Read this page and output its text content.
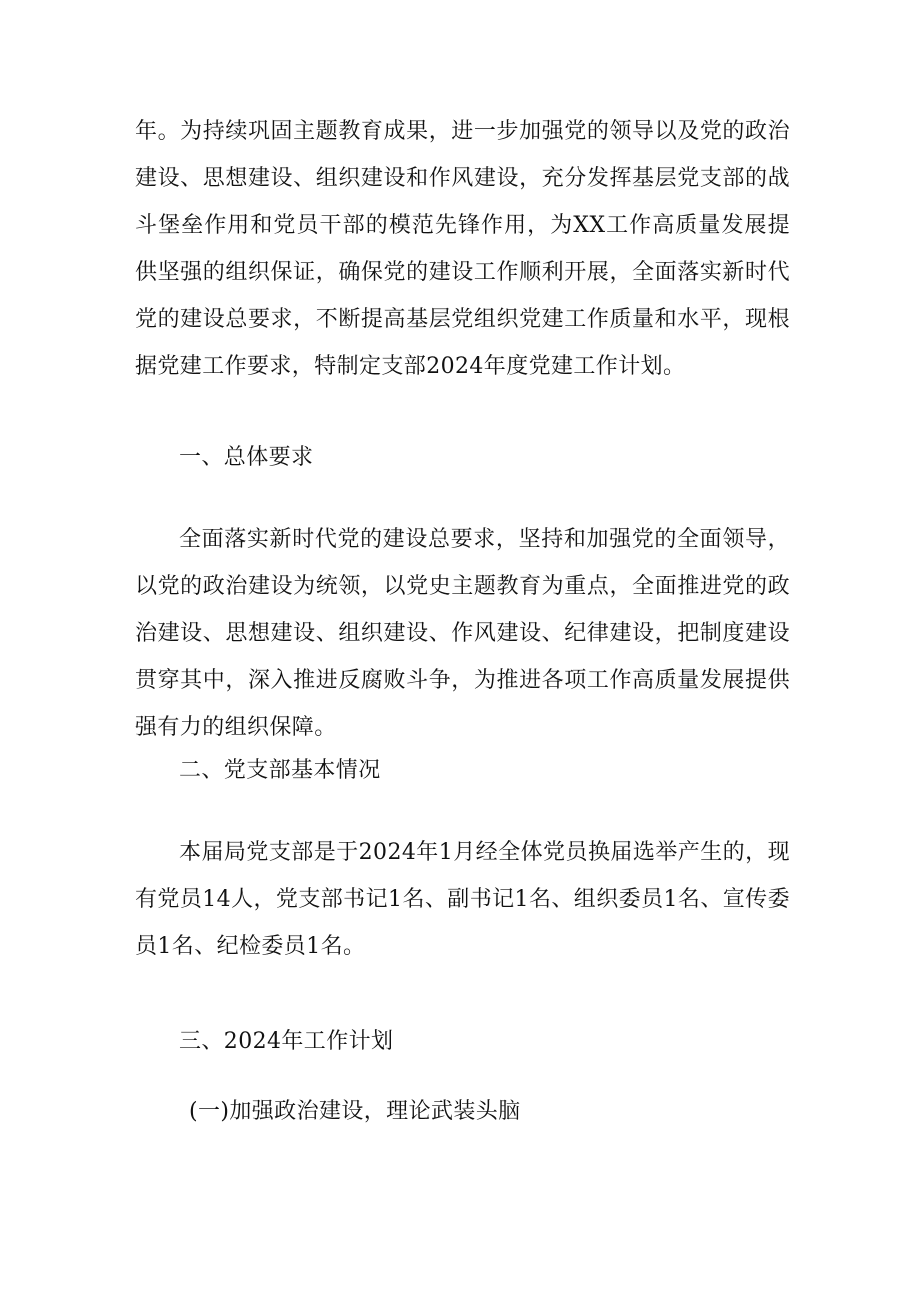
年。为持续巩固主题教育成果，进一步加强党的领导以及党的政治建设、思想建设、组织建设和作风建设，充分发挥基层党支部的战斗堡垒作用和党员干部的模范先锋作用，为XX工作高质量发展提供坚强的组织保证，确保党的建设工作顺利开展，全面落实新时代党的建设总要求，不断提高基层党组织党建工作质量和水平，现根据党建工作要求，特制定支部2024年度党建工作计划。

一、总体要求

全面落实新时代党的建设总要求，坚持和加强党的全面领导，以党的政治建设为统领，以党史主题教育为重点，全面推进党的政治建设、思想建设、组织建设、作风建设、纪律建设，把制度建设贯穿其中，深入推进反腐败斗争，为推进各项工作高质量发展提供强有力的组织保障。

二、党支部基本情况

本届局党支部是于2024年1月经全体党员换届选举产生的，现有党员14人，党支部书记1名、副书记1名、组织委员1名、宣传委员1名、纪检委员1名。

三、2024年工作计划
(一)加强政治建设，理论武装头脑
